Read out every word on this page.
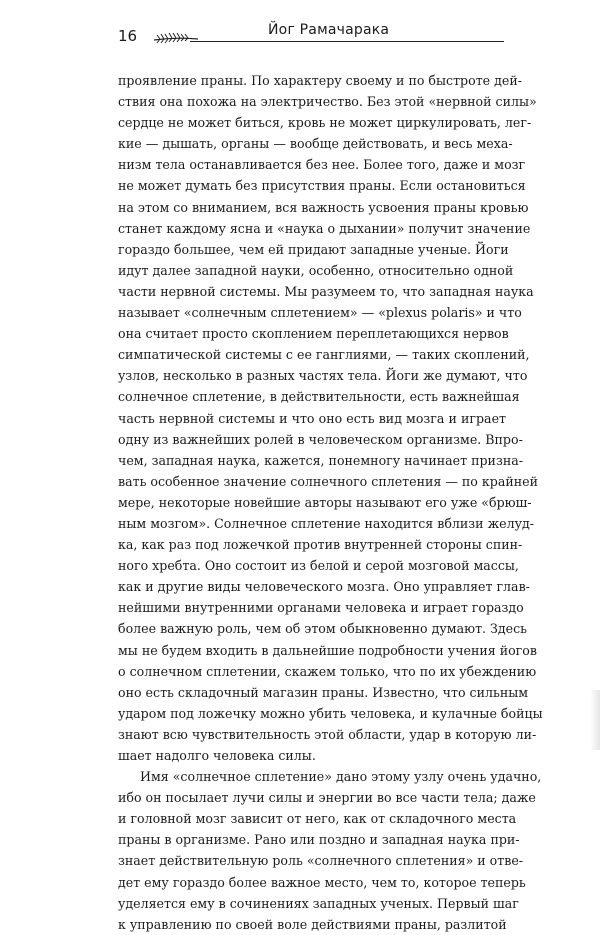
16	Йог Рамачарака
проявление праны. По характеру своему и по быстроте дей-
ствия она похожа на электричество. Без этой «нервной силы»
сердце не может биться, кровь не может циркулировать, лег-
кие — дышать, органы — вообще действовать, и весь меха-
низм тела останавливается без нее. Более того, даже и мозг
не может думать без присутствия праны. Если остановиться
на этом со вниманием, вся важность усвоения праны кровью
станет каждому ясна и «наука о дыхании» получит значение
гораздо большее, чем ей придают западные ученые. Йоги
идут далее западной науки, особенно, относительно одной
части нервной системы. Мы разумеем то, что западная наука
называет «солнечным сплетением» — «plexus polaris» и что
она считает просто скоплением переплетающихся нервов
симпатической системы с ее ганглиями, — таких скоплений,
узлов, несколько в разных частях тела. Йоги же думают, что
солнечное сплетение, в действительности, есть важнейшая
часть нервной системы и что оно есть вид мозга и играет
одну из важнейших ролей в человеческом организме. Впро-
чем, западная наука, кажется, понемногу начинает призна-
вать особенное значение солнечного сплетения — по крайней
мере, некоторые новейшие авторы называют его уже «брюш-
ным мозгом». Солнечное сплетение находится вблизи желуд-
ка, как раз под ложечкой против внутренней стороны спин-
ного хребта. Оно состоит из белой и серой мозговой массы,
как и другие виды человеческого мозга. Оно управляет глав-
нейшими внутренними органами человека и играет гораздо
более важную роль, чем об этом обыкновенно думают. Здесь
мы не будем входить в дальнейшие подробности учения йогов
о солнечном сплетении, скажем только, что по их убеждению
оно есть складочный магазин праны. Известно, что сильным
ударом под ложечку можно убить человека, и кулачные бойцы
знают всю чувствительность этой области, удар в которую ли-
шает надолго человека силы.
Имя «солнечное сплетение» дано этому узлу очень удачно,
ибо он посылает лучи силы и энергии во все части тела; даже
и головной мозг зависит от него, как от складочного места
праны в организме. Рано или поздно и западная наука при-
знает действительную роль «солнечного сплетения» и отве-
дет ему гораздо более важное место, чем то, которое теперь
уделяется ему в сочинениях западных ученых. Первый шаг
к управлению по своей воле действиями праны, разлитой
